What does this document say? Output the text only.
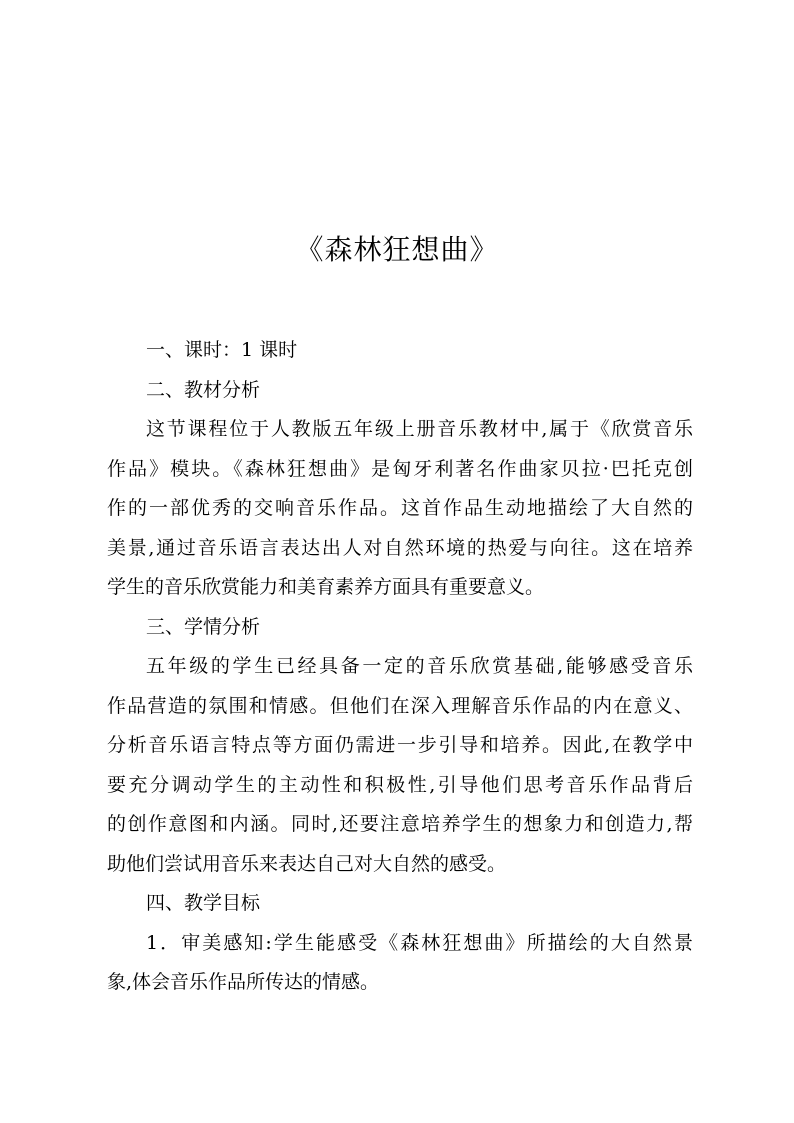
《森林狂想曲》
一、课时：1 课时
二、教材分析
这节课程位于人教版五年级上册音乐教材中,属于《欣赏音乐
作品》模块。《森林狂想曲》是匈牙利著名作曲家贝拉·巴托克创
作的一部优秀的交响音乐作品。这首作品生动地描绘了大自然的
美景,通过音乐语言表达出人对自然环境的热爱与向往。这在培养
学生的音乐欣赏能力和美育素养方面具有重要意义。
三、学情分析
五年级的学生已经具备一定的音乐欣赏基础,能够感受音乐
作品营造的氛围和情感。但他们在深入理解音乐作品的内在意义、
分析音乐语言特点等方面仍需进一步引导和培养。因此,在教学中
要充分调动学生的主动性和积极性,引导他们思考音乐作品背后
的创作意图和内涵。同时,还要注意培养学生的想象力和创造力,帮
助他们尝试用音乐来表达自己对大自然的感受。
四、教学目标
1．审美感知:学生能感受《森林狂想曲》所描绘的大自然景
象,体会音乐作品所传达的情感。
